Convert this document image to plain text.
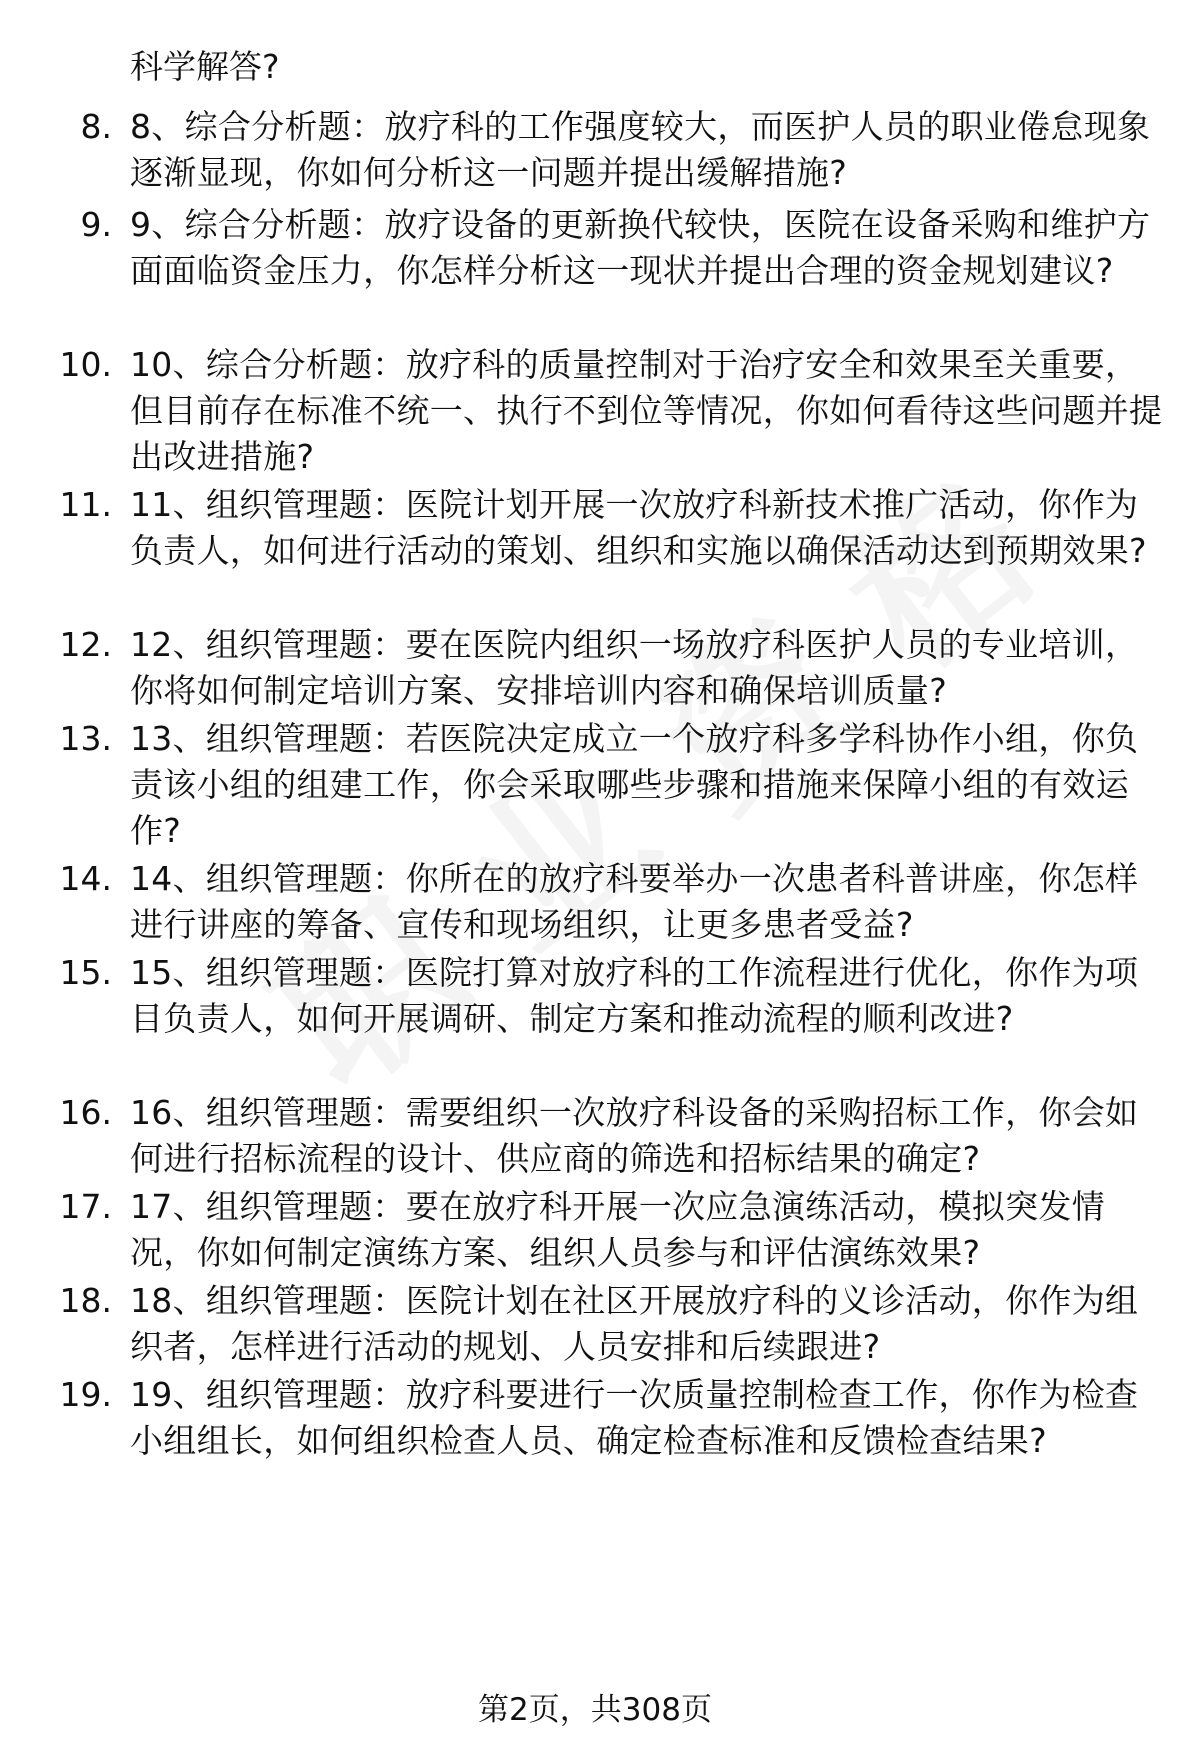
科学解答?
8. 8、综合分析题：放疗科的工作强度较大，而医护人员的职业倦怠现象逐渐显现，你如何分析这一问题并提出缓解措施?
9. 9、综合分析题：放疗设备的更新换代较快，医院在设备采购和维护方面面临资金压力，你怎样分析这一现状并提出合理的资金规划建议?
10. 10、综合分析题：放疗科的质量控制对于治疗安全和效果至关重要，但目前存在标准不统一、执行不到位等情况，你如何看待这些问题并提出改进措施?
11. 11、组织管理题：医院计划开展一次放疗科新技术推广活动，你作为负责人，如何进行活动的策划、组织和实施以确保活动达到预期效果?
12. 12、组织管理题：要在医院内组织一场放疗科医护人员的专业培训，你将如何制定培训方案、安排培训内容和确保培训质量?
13. 13、组织管理题：若医院决定成立一个放疗科多学科协作小组，你负责该小组的组建工作，你会采取哪些步骤和措施来保障小组的有效运作?
14. 14、组织管理题：你所在的放疗科要举办一次患者科普讲座，你怎样进行讲座的筹备、宣传和现场组织，让更多患者受益?
15. 15、组织管理题：医院打算对放疗科的工作流程进行优化，你作为项目负责人，如何开展调研、制定方案和推动流程的顺利改进?
16. 16、组织管理题：需要组织一次放疗科设备的采购招标工作，你会如何进行招标流程的设计、供应商的筛选和招标结果的确定?
17. 17、组织管理题：要在放疗科开展一次应急演练活动，模拟突发情况，你如何制定演练方案、组织人员参与和评估演练效果?
18. 18、组织管理题：医院计划在社区开展放疗科的义诊活动，你作为组织者，怎样进行活动的规划、人员安排和后续跟进?
19. 19、组织管理题：放疗科要进行一次质量控制检查工作，你作为检查小组组长，如何组织检查人员、确定检查标准和反馈检查结果?
第2页，共308页
